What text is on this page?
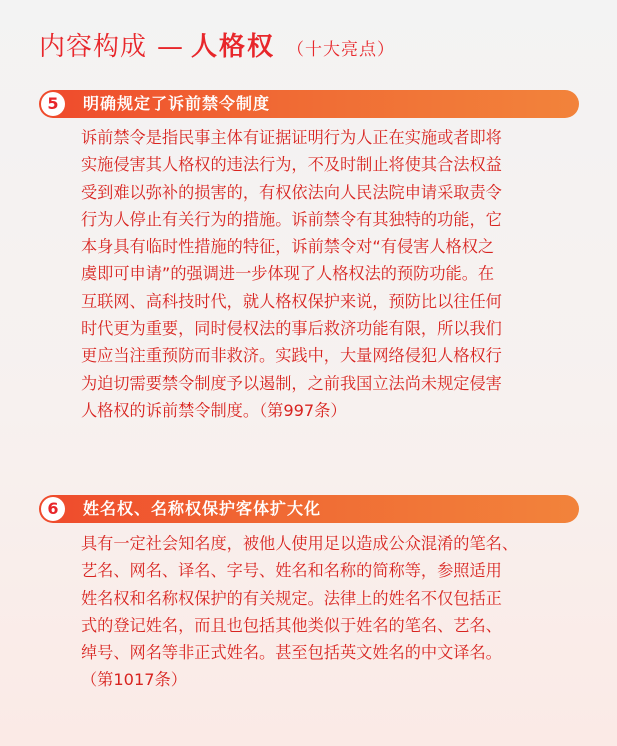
内容构成 — 人格权 （十大亮点）
5	明确规定了诉前禁令制度
诉前禁令是指民事主体有证据证明行为人正在实施或者即将
实施侵害其人格权的违法行为，不及时制止将使其合法权益
受到难以弥补的损害的，有权依法向人民法院申请采取责令
行为人停止有关行为的措施。诉前禁令有其独特的功能，它
本身具有临时性措施的特征，诉前禁令对“有侵害人格权之
虞即可申请”的强调进一步体现了人格权法的预防功能。在
互联网、高科技时代，就人格权保护来说，预防比以往任何
时代更为重要，同时侵权法的事后救济功能有限，所以我们
更应当注重预防而非救济。实践中，大量网络侵犯人格权行
为迫切需要禁令制度予以遏制，之前我国立法尚未规定侵害
人格权的诉前禁令制度。（第997条）
6	姓名权、名称权保护客体扩大化
具有一定社会知名度，被他人使用足以造成公众混淆的笔名、
艺名、网名、译名、字号、姓名和名称的简称等，参照适用
姓名权和名称权保护的有关规定。法律上的姓名不仅包括正
式的登记姓名，而且也包括其他类似于姓名的笔名、艺名、
绰号、网名等非正式姓名。甚至包括英文姓名的中文译名。
（第1017条）
